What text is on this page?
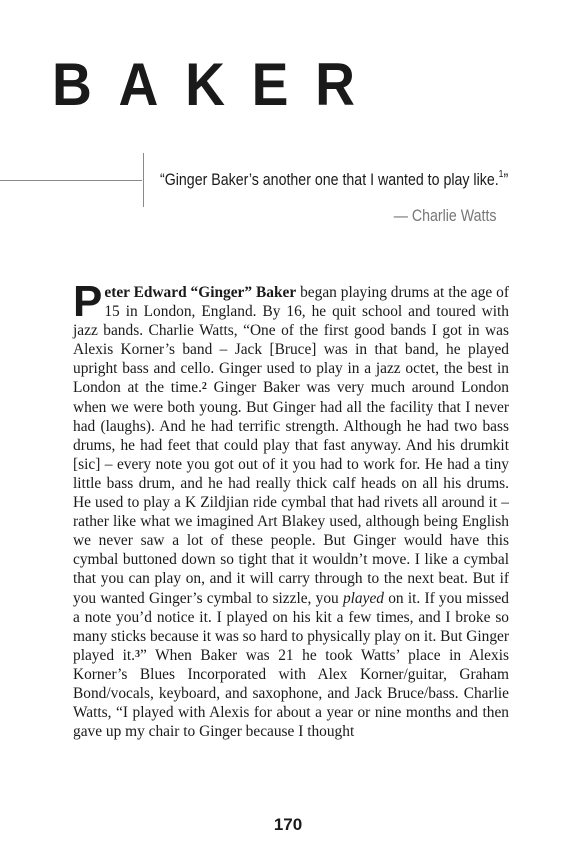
BAKER
“Ginger Baker’s another one that I wanted to play like.$^1$”
— Charlie Watts

Peter Edward “Ginger” Baker began playing drums at the age of 15 in London, England. By 16, he quit school and toured with jazz bands. Charlie Watts, “One of the first good bands I got in was Alexis Korner’s band – Jack [Bruce] was in that band, he played upright bass and cello. Ginger used to play in a jazz octet, the best in London at the time.$^2$ Ginger Baker was very much around London when we were both young. But Ginger had all the facility that I never had (laughs). And he had terrific strength. Although he had two bass drums, he had feet that could play that fast anyway. And his drumkit [sic] – every note you got out of it you had to work for. He had a tiny little bass drum, and he had really thick calf heads on all his drums. He used to play a K Zildjian ride cymbal that had rivets all around it – rather like what we imagined Art Blakey used, although being English we never saw a lot of these people. But Ginger would have this cymbal buttoned down so tight that it wouldn’t move. I like a cymbal that you can play on, and it will carry through to the next beat. But if you wanted Ginger’s cymbal to sizzle, you played on it. If you missed a note you’d notice it. I played on his kit a few times, and I broke so many sticks because it was so hard to physically play on it. But Ginger played it.$^3$” When Baker was 21 he took Watts’ place in Alexis Korner’s Blues Incorporated with Alex Korner/guitar, Graham Bond/vocals, keyboard, and saxophone, and Jack Bruce/bass. Charlie Watts, “I played with Alexis for about a year or nine months and then gave up my chair to Ginger because I thought

170
